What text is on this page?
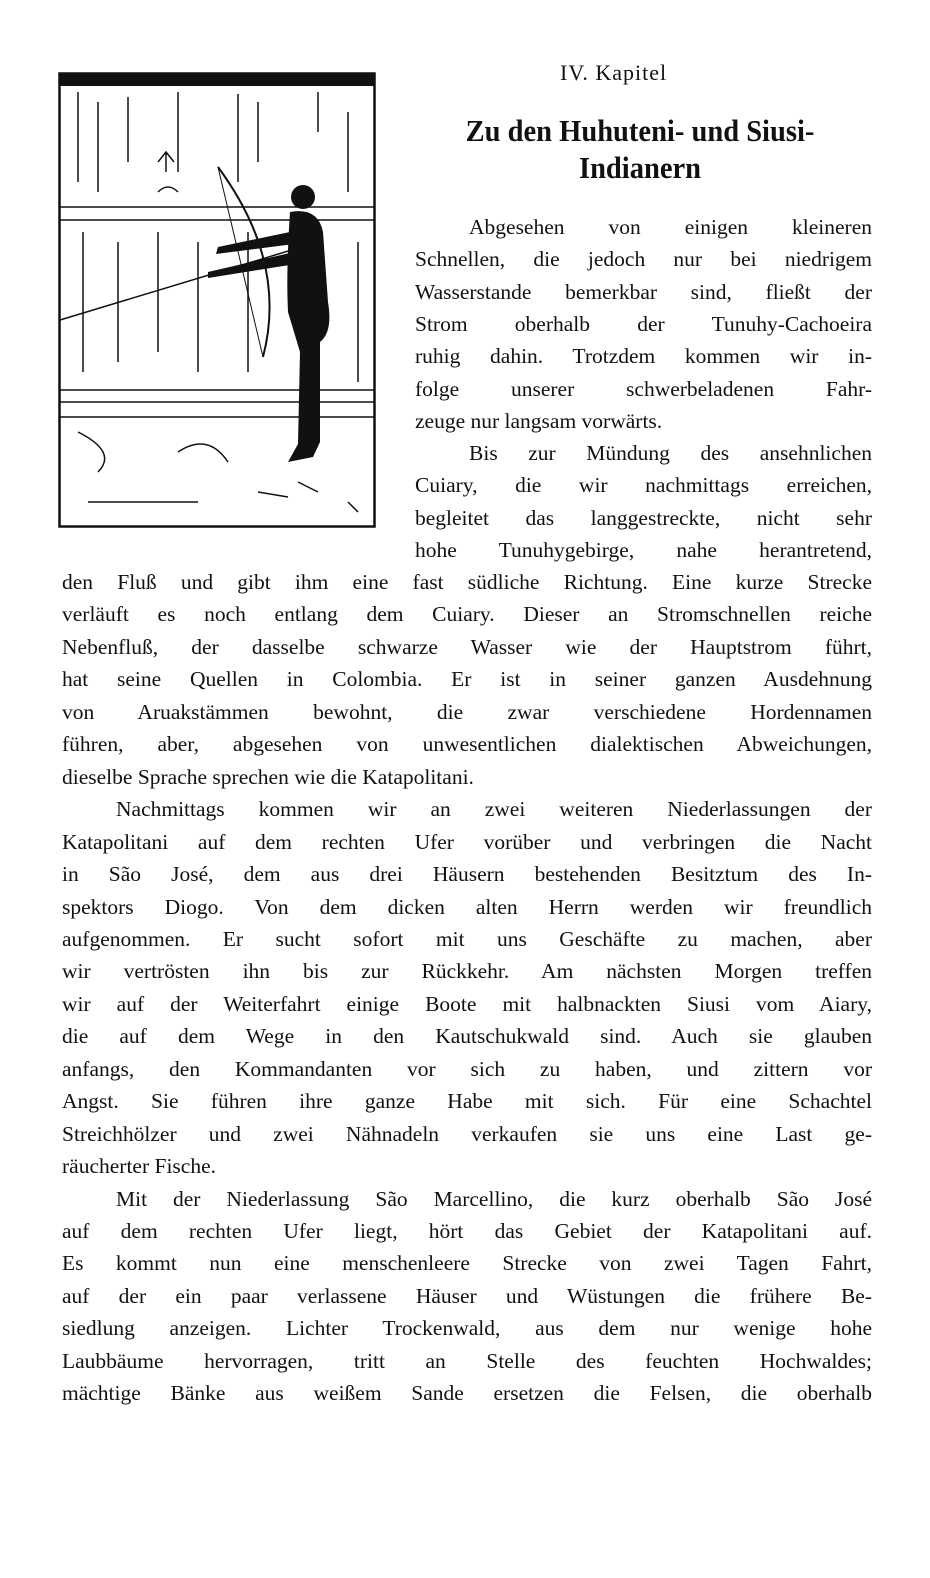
IV. Kapitel
Zu den Huhuteni- und Siusi-
Indianern
Abgesehen von einigen kleineren
Schnellen, die jedoch nur bei niedrigem
Wasserstande bemerkbar sind, fließt der
Strom oberhalb der Tunuhy-Cachoeira
ruhig dahin. Trotzdem kommen wir in-
folge unserer schwerbeladenen Fahr-
zeuge nur langsam vorwärts.
Bis zur Mündung des ansehnlichen
Cuiary, die wir nachmittags erreichen,
begleitet das langgestreckte, nicht sehr
hohe Tunuhygebirge, nahe herantretend,
den Fluß und gibt ihm eine fast südliche Richtung. Eine kurze Strecke
verläuft es noch entlang dem Cuiary. Dieser an Stromschnellen reiche
Nebenfluß, der dasselbe schwarze Wasser wie der Hauptstrom führt,
hat seine Quellen in Colombia. Er ist in seiner ganzen Ausdehnung
von Aruakstämmen bewohnt, die zwar verschiedene Hordennamen
führen, aber, abgesehen von unwesentlichen dialektischen Abweichungen,
dieselbe Sprache sprechen wie die Katapolitani.
Nachmittags kommen wir an zwei weiteren Niederlassungen der
Katapolitani auf dem rechten Ufer vorüber und verbringen die Nacht
in São José, dem aus drei Häusern bestehenden Besitztum des In-
spektors Diogo. Von dem dicken alten Herrn werden wir freundlich
aufgenommen. Er sucht sofort mit uns Geschäfte zu machen, aber
wir vertrösten ihn bis zur Rückkehr. Am nächsten Morgen treffen
wir auf der Weiterfahrt einige Boote mit halbnackten Siusi vom Aiary,
die auf dem Wege in den Kautschukwald sind. Auch sie glauben
anfangs, den Kommandanten vor sich zu haben, und zittern vor
Angst. Sie führen ihre ganze Habe mit sich. Für eine Schachtel
Streichhölzer und zwei Nähnadeln verkaufen sie uns eine Last ge-
räucherter Fische.
Mit der Niederlassung São Marcellino, die kurz oberhalb São José
auf dem rechten Ufer liegt, hört das Gebiet der Katapolitani auf.
Es kommt nun eine menschenleere Strecke von zwei Tagen Fahrt,
auf der ein paar verlassene Häuser und Wüstungen die frühere Be-
siedlung anzeigen. Lichter Trockenwald, aus dem nur wenige hohe
Laubbäume hervorragen, tritt an Stelle des feuchten Hochwaldes;
mächtige Bänke aus weißem Sande ersetzen die Felsen, die oberhalb
